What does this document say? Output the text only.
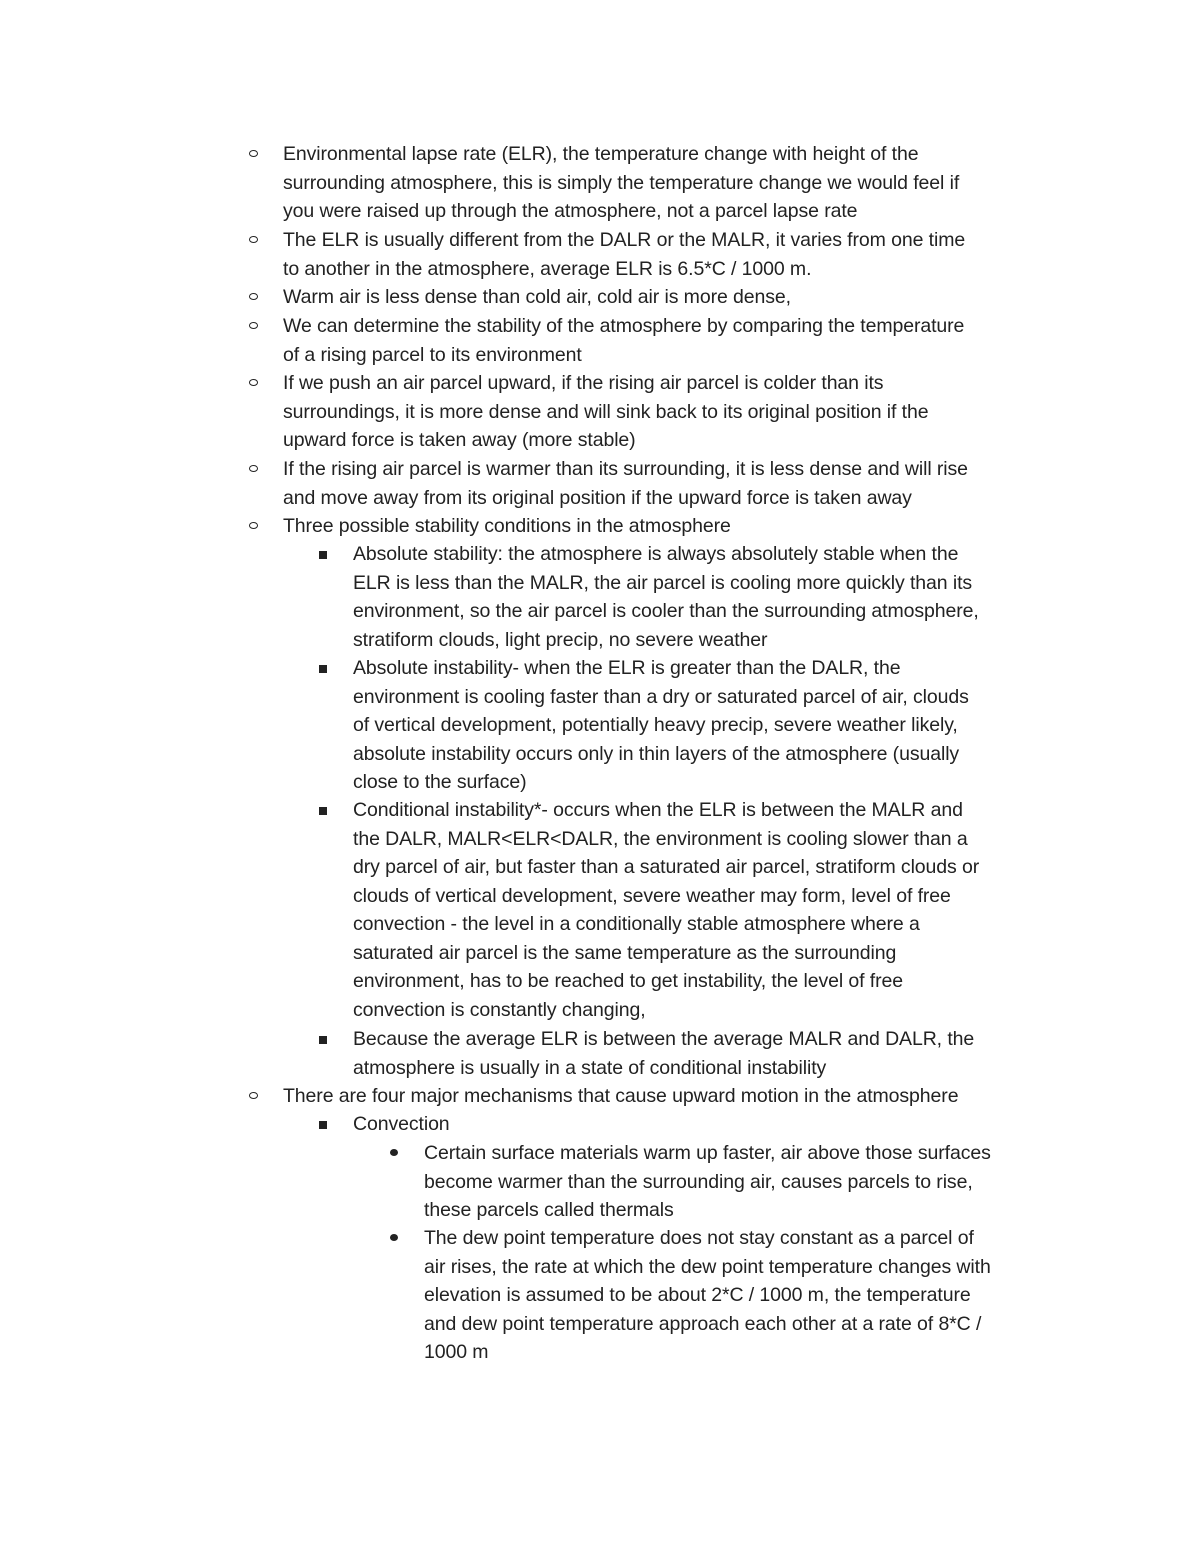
Environmental lapse rate (ELR), the temperature change with height of the
surrounding atmosphere, this is simply the temperature change we would feel if
you were raised up through the atmosphere, not a parcel lapse rate
The ELR is usually different from the DALR or the MALR, it varies from one time
to another in the atmosphere, average ELR is 6.5*C / 1000 m.
Warm air is less dense than cold air, cold air is more dense,
We can determine the stability of the atmosphere by comparing the temperature
of a rising parcel to its environment
If we push an air parcel upward, if the rising air parcel is colder than its
surroundings, it is more dense and will sink back to its original position if the
upward force is taken away (more stable)
If the rising air parcel is warmer than its surrounding, it is less dense and will rise
and move away from its original position if the upward force is taken away
Three possible stability conditions in the atmosphere
Absolute stability: the atmosphere is always absolutely stable when the
ELR is less than the MALR, the air parcel is cooling more quickly than its
environment, so the air parcel is cooler than the surrounding atmosphere,
stratiform clouds, light precip, no severe weather
Absolute instability- when the ELR is greater than the DALR, the
environment is cooling faster than a dry or saturated parcel of air, clouds
of vertical development, potentially heavy precip, severe weather likely,
absolute instability occurs only in thin layers of the atmosphere (usually
close to the surface)
Conditional instability*- occurs when the ELR is between the MALR and
the DALR, MALR<ELR<DALR, the environment is cooling slower than a
dry parcel of air, but faster than a saturated air parcel, stratiform clouds or
clouds of vertical development, severe weather may form, level of free
convection - the level in a conditionally stable atmosphere where a
saturated air parcel is the same temperature as the surrounding
environment, has to be reached to get instability, the level of free
convection is constantly changing,
Because the average ELR is between the average MALR and DALR, the
atmosphere is usually in a state of conditional instability
There are four major mechanisms that cause upward motion in the atmosphere
Convection
Certain surface materials warm up faster, air above those surfaces
become warmer than the surrounding air, causes parcels to rise,
these parcels called thermals
The dew point temperature does not stay constant as a parcel of
air rises, the rate at which the dew point temperature changes with
elevation is assumed to be about 2*C / 1000 m, the temperature
and dew point temperature approach each other at a rate of 8*C /
1000 m
